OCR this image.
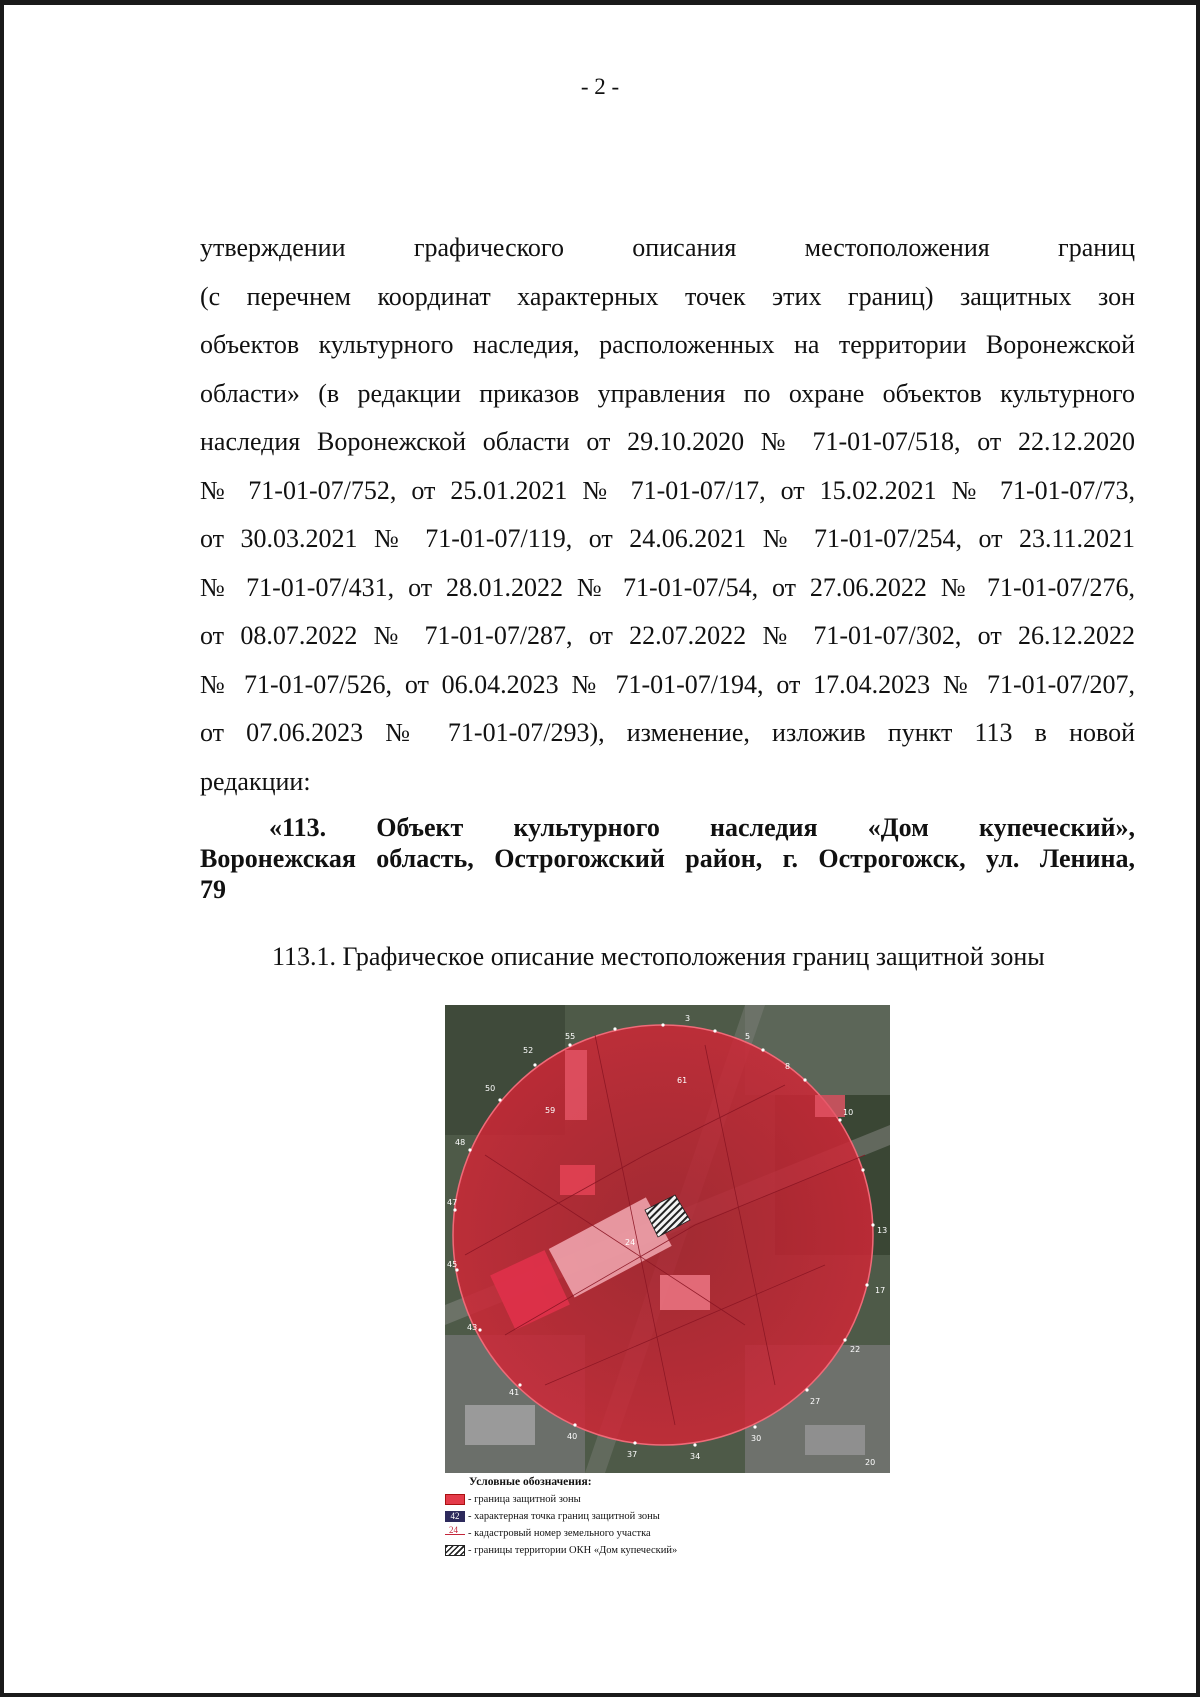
- 2 -

утверждении графического описания местоположения границ

(с перечнем координат характерных точек этих границ) защитных зон

объектов культурного наследия, расположенных на территории Воронежской

области» (в редакции приказов управления по охране объектов культурного

наследия Воронежской области от 29.10.2020 № 71-01-07/518, от 22.12.2020

№ 71-01-07/752, от 25.01.2021 № 71-01-07/17, от 15.02.2021 № 71-01-07/73,

от 30.03.2021 № 71-01-07/119, от 24.06.2021 № 71-01-07/254, от 23.11.2021

№ 71-01-07/431, от 28.01.2022 № 71-01-07/54, от 27.06.2022 № 71-01-07/276,

от 08.07.2022 № 71-01-07/287, от 22.07.2022 № 71-01-07/302, от 26.12.2022

№ 71-01-07/526, от 06.04.2023 № 71-01-07/194, от 17.04.2023 № 71-01-07/207,

от 07.06.2023 № 71-01-07/293), изменение, изложив пункт 113 в новой

редакции:

«113. Объект культурного наследия «Дом купеческий»,
Воронежская область, Острогожский район, г. Острогожск, ул. Ленина,
79
113.1. Графическое описание местоположения границ защитной зоны
55
52
50
48
47
45
43
41
40
37	34
30
27
24
22
20
17
13
10
8
5
3
61
59
Условные обозначения:
- граница защитной зоны
42 - характерная точка границ защитной зоны
24 - кадастровый номер земельного участка
- границы территории ОКН «Дом купеческий»
